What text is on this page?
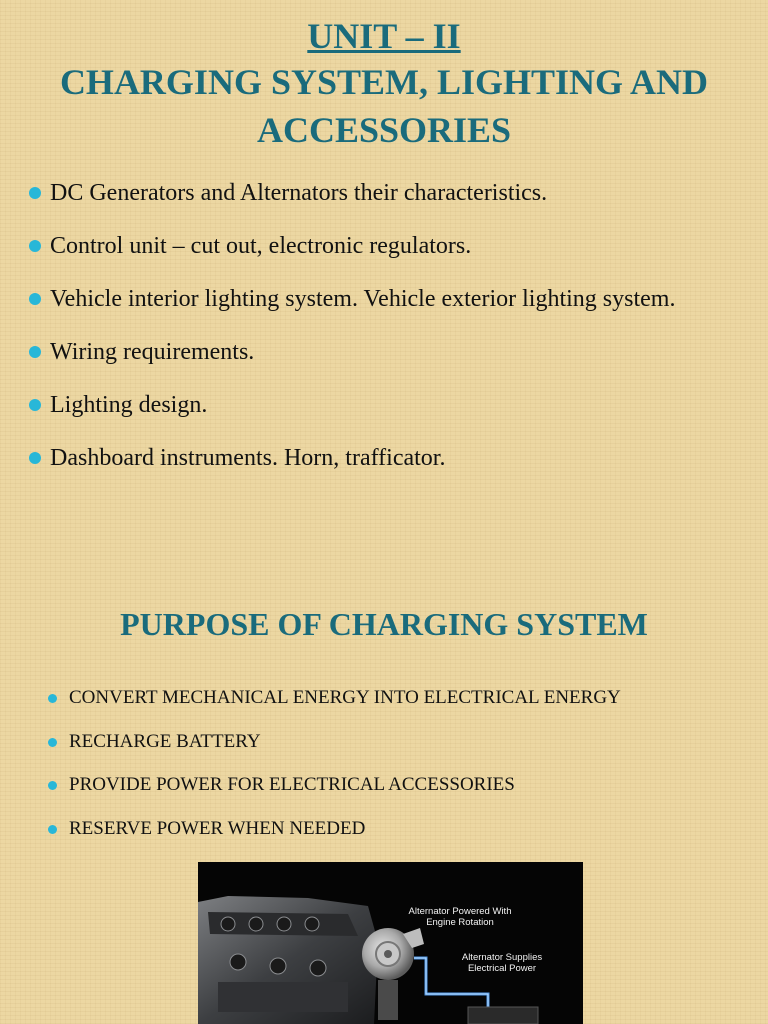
UNIT – II
CHARGING SYSTEM, LIGHTING AND ACCESSORIES
DC Generators and Alternators their characteristics.
Control unit – cut out, electronic regulators.
Vehicle interior lighting system. Vehicle exterior lighting system.
Wiring requirements.
Lighting design.
Dashboard instruments. Horn, trafficator.
PURPOSE OF CHARGING SYSTEM
CONVERT MECHANICAL ENERGY INTO ELECTRICAL ENERGY
RECHARGE BATTERY
PROVIDE POWER FOR ELECTRICAL ACCESSORIES
RESERVE POWER WHEN NEEDED
Alternator Powered With Engine Rotation
Alternator Supplies Electrical Power
